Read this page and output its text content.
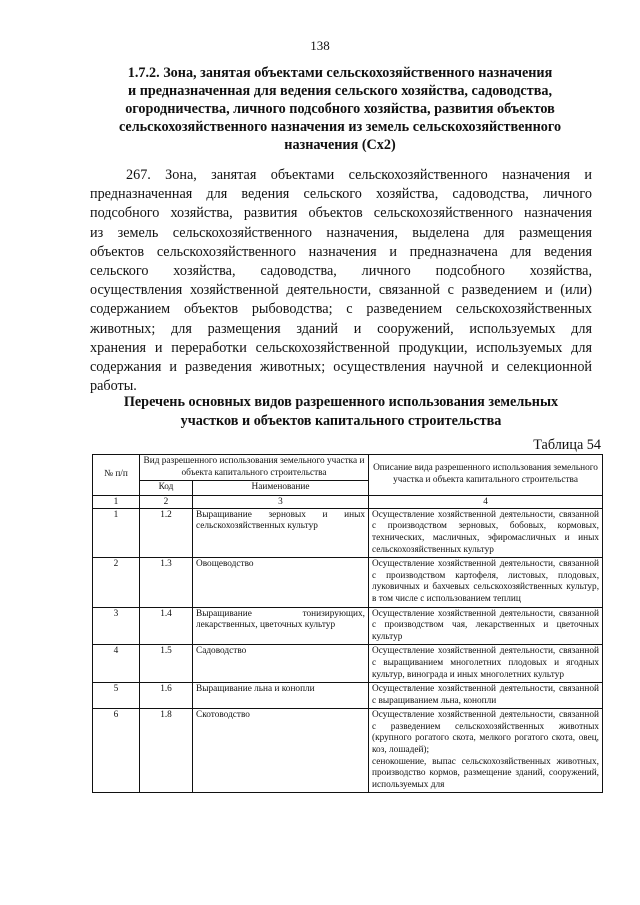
138
1.7.2. Зона, занятая объектами сельскохозяйственного назначения
и предназначенная для ведения сельского хозяйства, садоводства,
огородничества, личного подсобного хозяйства, развития объектов
сельскохозяйственного назначения из земель сельскохозяйственного
назначения (Сх2)
267. Зона, занятая объектами сельскохозяйственного назначения и
предназначенная для ведения сельского хозяйства, садоводства, личного
подсобного хозяйства, развития объектов сельскохозяйственного назначения
из земель сельскохозяйственного назначения, выделена для размещения
объектов сельскохозяйственного назначения и предназначена для ведения
сельского хозяйства, садоводства, личного подсобного хозяйства,
осуществления хозяйственной деятельности, связанной с разведением и (или)
содержанием объектов рыбоводства; с разведением сельскохозяйственных
животных; для размещения зданий и сооружений, используемых для
хранения и переработки сельскохозяйственной продукции, используемых для
содержания и разведения животных; осуществления научной и селекционной
работы.
Перечень основных видов разрешенного использования земельных
участков и объектов капитального строительства
Таблица 54
№ п/п	Вид разрешенного использования земельного участка и объекта капитального строительства		Описание вида разрешенного использования земельного участка и объекта капитального строительства
	Код	Наименование	
1	2	3	4
1	1.2	Выращивание зерновых и иных сельскохозяйственных культур	Осуществление хозяйственной деятельности, связанной с производством зерновых, бобовых, кормовых, технических, масличных, эфиромасличных и иных сельскохозяйственных культур
2	1.3	Овощеводство	Осуществление хозяйственной деятельности, связанной с производством картофеля, листовых, плодовых, луковичных и бахчевых сельскохозяйственных культур, в том числе с использованием теплиц
3	1.4	Выращивание тонизирующих, лекарственных, цветочных культур	Осуществление хозяйственной деятельности, связанной с производством чая, лекарственных и цветочных культур
4	1.5	Садоводство	Осуществление хозяйственной деятельности, связанной с выращиванием многолетних плодовых и ягодных культур, винограда и иных многолетних культур
5	1.6	Выращивание льна и конопли	Осуществление хозяйственной деятельности, связанной с выращиванием льна, конопли
6	1.8	Скотоводство	Осуществление хозяйственной деятельности, связанной с разведением сельскохозяйственных животных (крупного рогатого скота, мелкого рогатого скота, овец, коз, лошадей);
сенокошение, выпас сельскохозяйственных животных, производство кормов, размещение зданий, сооружений, используемых для
